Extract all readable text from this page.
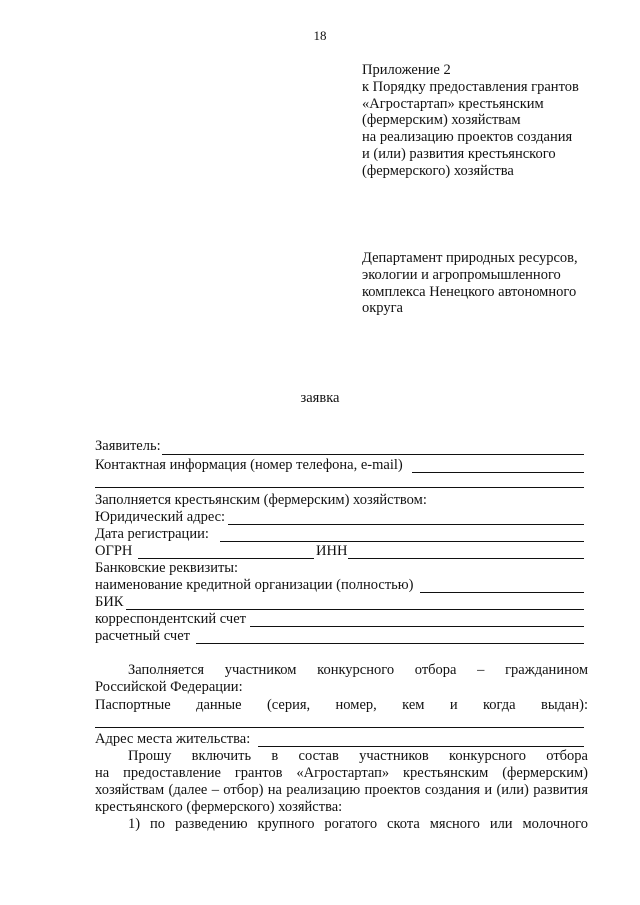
18
Приложение 2
к Порядку предоставления грантов
«Агростартап» крестьянским
(фермерским) хозяйствам
на реализацию проектов создания
и (или) развития крестьянского
(фермерского) хозяйства
Департамент природных ресурсов,
экологии и агропромышленного
комплекса Ненецкого автономного
округа
заявка
Заявитель:
Контактная информация (номер телефона, e-mail)
Заполняется крестьянским (фермерским) хозяйством:
Юридический адрес:
Дата регистрации:
ОГРН	ИНН
Банковские реквизиты:
наименование кредитной организации (полностью)
БИК
корреспондентский счет
расчетный счет
Заполняется участником конкурсного отбора – гражданином
Российской Федерации:
Паспортные данные (серия, номер, кем и когда выдан):
Адрес места жительства:
Прошу включить в состав участников конкурсного отбора
на предоставление грантов «Агростартап» крестьянским (фермерским)
хозяйствам (далее – отбор) на реализацию проектов создания и (или) развития
крестьянского (фермерского) хозяйства:
1) по разведению крупного рогатого скота мясного или молочного
